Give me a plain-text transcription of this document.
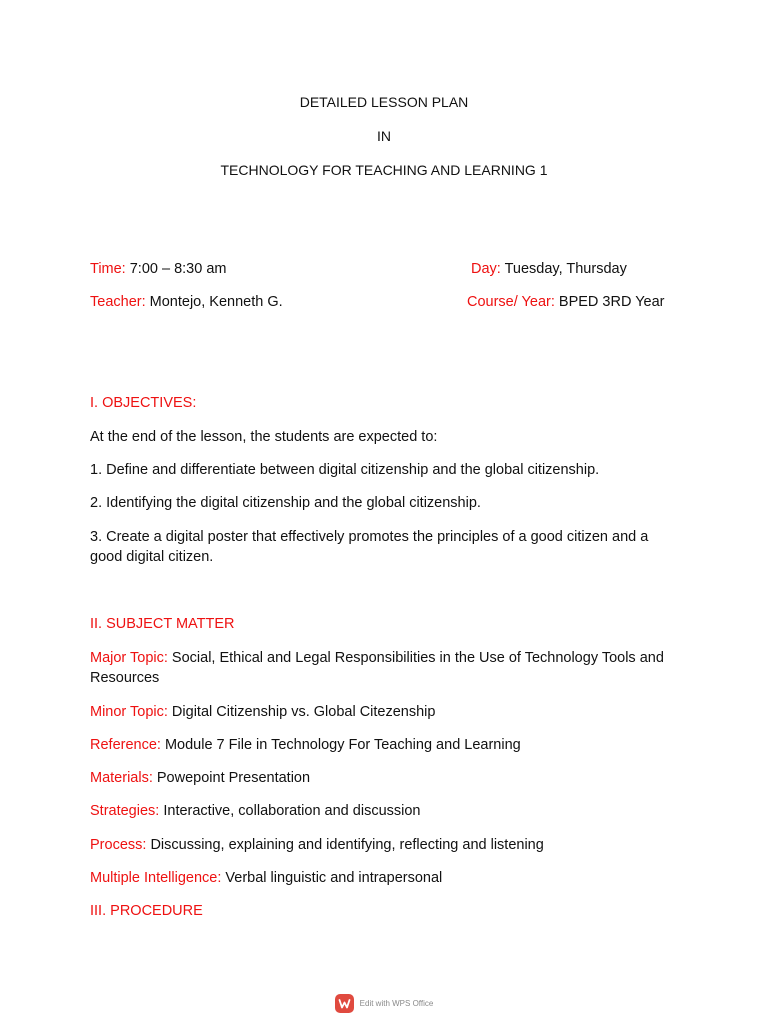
DETAILED LESSON PLAN
IN
TECHNOLOGY FOR TEACHING AND LEARNING 1
Time: 7:00 – 8:30 am	Day: Tuesday, Thursday
Teacher: Montejo, Kenneth G.	Course/ Year: BPED 3RD Year
I. OBJECTIVES:
At the end of the lesson, the students are expected to:
1. Define and differentiate between digital citizenship and the global citizenship.
2. Identifying the digital citizenship and the global citizenship.
3. Create a digital poster that effectively promotes the principles of a good citizen and a good digital citizen.
II. SUBJECT MATTER
Major Topic: Social, Ethical and Legal Responsibilities in the Use of Technology Tools and Resources
Minor Topic: Digital Citizenship vs. Global Citezenship
Reference: Module 7 File in Technology For Teaching and Learning
Materials: Powepoint Presentation
Strategies: Interactive, collaboration and discussion
Process: Discussing, explaining and identifying, reflecting and listening
Multiple Intelligence: Verbal linguistic and intrapersonal
III. PROCEDURE
Edit with WPS Office
